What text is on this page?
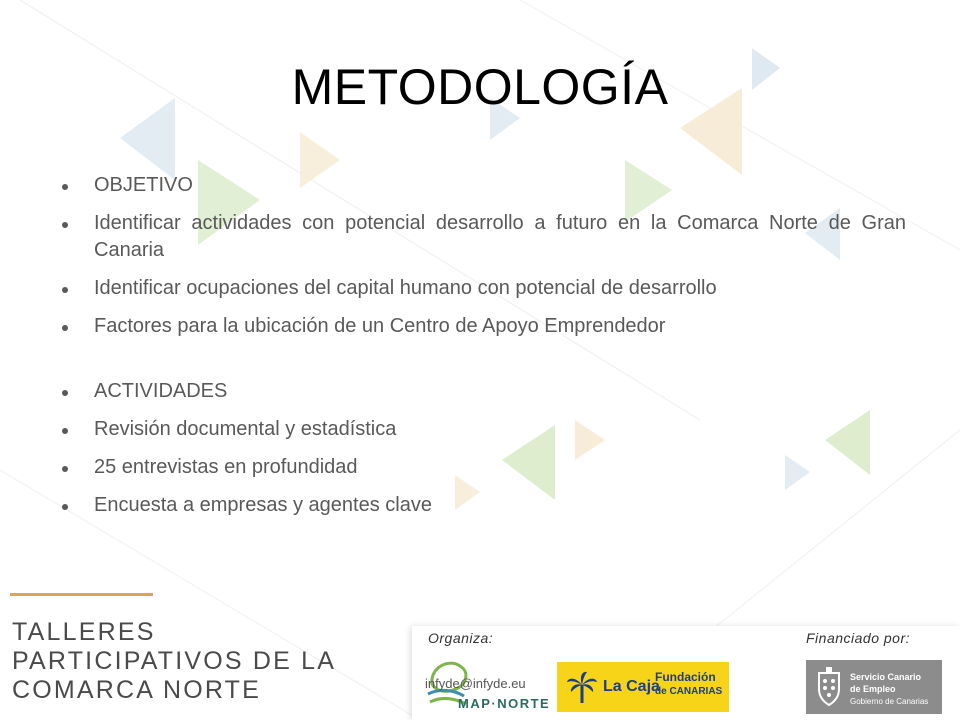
METODOLOGÍA
OBJETIVO
Identificar actividades con potencial desarrollo a futuro en la Comarca Norte de Gran Canaria
Identificar ocupaciones del capital humano con potencial de desarrollo
Factores para la ubicación de un Centro de Apoyo Emprendedor
ACTIVIDADES
Revisión documental y estadística
25 entrevistas en profundidad
Encuesta a empresas y agentes clave
TALLERES
PARTICIPATIVOS DE LA
COMARCA NORTE
Organiza:	Financiado por:
MAP·NORTE
infyde@infyde.eu	La Caja
Fundación
de CANARIAS
Servicio Canario
de Empleo
Gobierno de Canarias
